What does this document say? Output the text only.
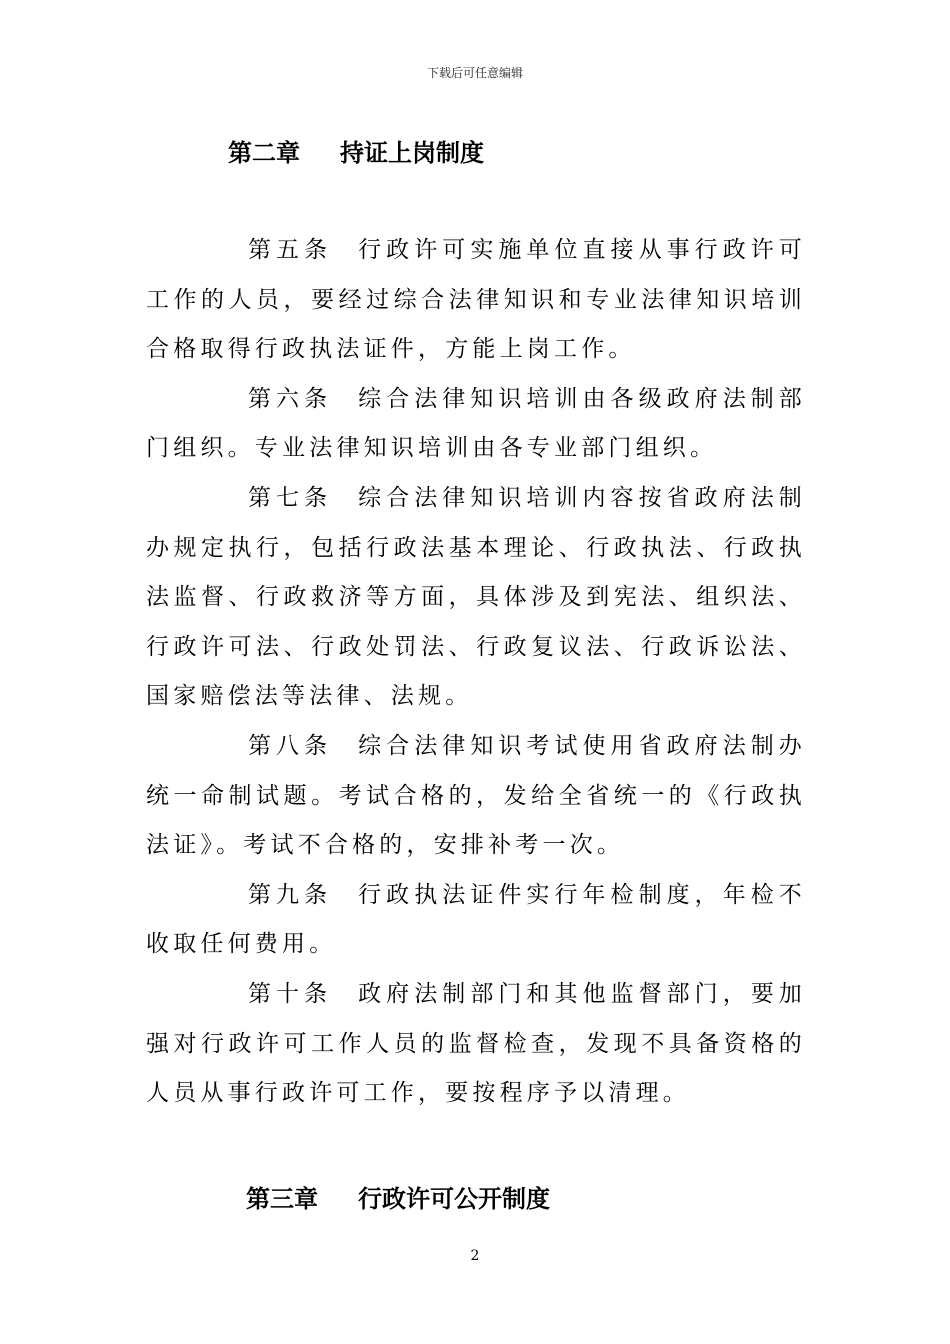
下载后可任意编辑
第二章 持证上岗制度

第五条 行政许可实施单位直接从事行政许可工作的人员，要经过综合法律知识和专业法律知识培训合格取得行政执法证件，方能上岗工作。

第六条 综合法律知识培训由各级政府法制部门组织。专业法律知识培训由各专业部门组织。

第七条 综合法律知识培训内容按省政府法制办规定执行，包括行政法基本理论、行政执法、行政执法监督、行政救济等方面，具体涉及到宪法、组织法、行政许可法、行政处罚法、行政复议法、行政诉讼法、国家赔偿法等法律、法规。

第八条 综合法律知识考试使用省政府法制办统一命制试题。考试合格的，发给全省统一的《行政执法证》。考试不合格的，安排补考一次。

第九条 行政执法证件实行年检制度，年检不收取任何费用。

第十条 政府法制部门和其他监督部门，要加强对行政许可工作人员的监督检查，发现不具备资格的人员从事行政许可工作，要按程序予以清理。

第三章 行政许可公开制度
2
